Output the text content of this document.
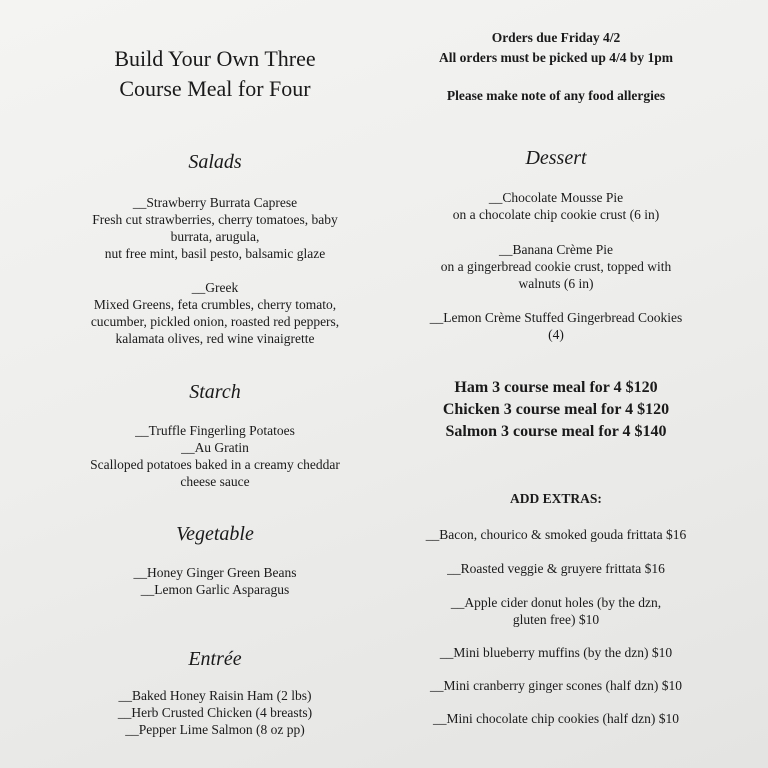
Build Your Own Three
Course Meal for Four
Orders due Friday 4/2
All orders must be picked up 4/4 by 1pm
Please make note of any food allergies
Salads
__Strawberry Burrata Caprese
Fresh cut strawberries, cherry tomatoes, baby
burrata, arugula,
nut free mint, basil pesto, balsamic glaze
__Greek
Mixed Greens, feta crumbles, cherry tomato,
cucumber, pickled onion, roasted red peppers,
kalamata olives, red wine vinaigrette
Starch
__Truffle Fingerling Potatoes
__Au Gratin
Scalloped potatoes baked in a creamy cheddar
cheese sauce
Vegetable
__Honey Ginger Green Beans
__Lemon Garlic Asparagus
Entrée
__Baked Honey Raisin Ham (2 lbs)
__Herb Crusted Chicken (4 breasts)
__Pepper Lime Salmon (8 oz pp)
Dessert
__Chocolate Mousse Pie
on a chocolate chip cookie crust (6 in)
__Banana Crème Pie
on a gingerbread cookie crust, topped with
walnuts (6 in)
__Lemon Crème Stuffed Gingerbread Cookies
(4)
Ham 3 course meal for 4 $120
Chicken 3 course meal for 4 $120
Salmon 3 course meal for 4 $140
ADD EXTRAS:
__Bacon, chourico & smoked gouda frittata $16
__Roasted veggie & gruyere frittata $16
__Apple cider donut holes (by the dzn,
gluten free) $10
__Mini blueberry muffins (by the dzn) $10
__Mini cranberry ginger scones (half dzn) $10
__Mini chocolate chip cookies (half dzn) $10
